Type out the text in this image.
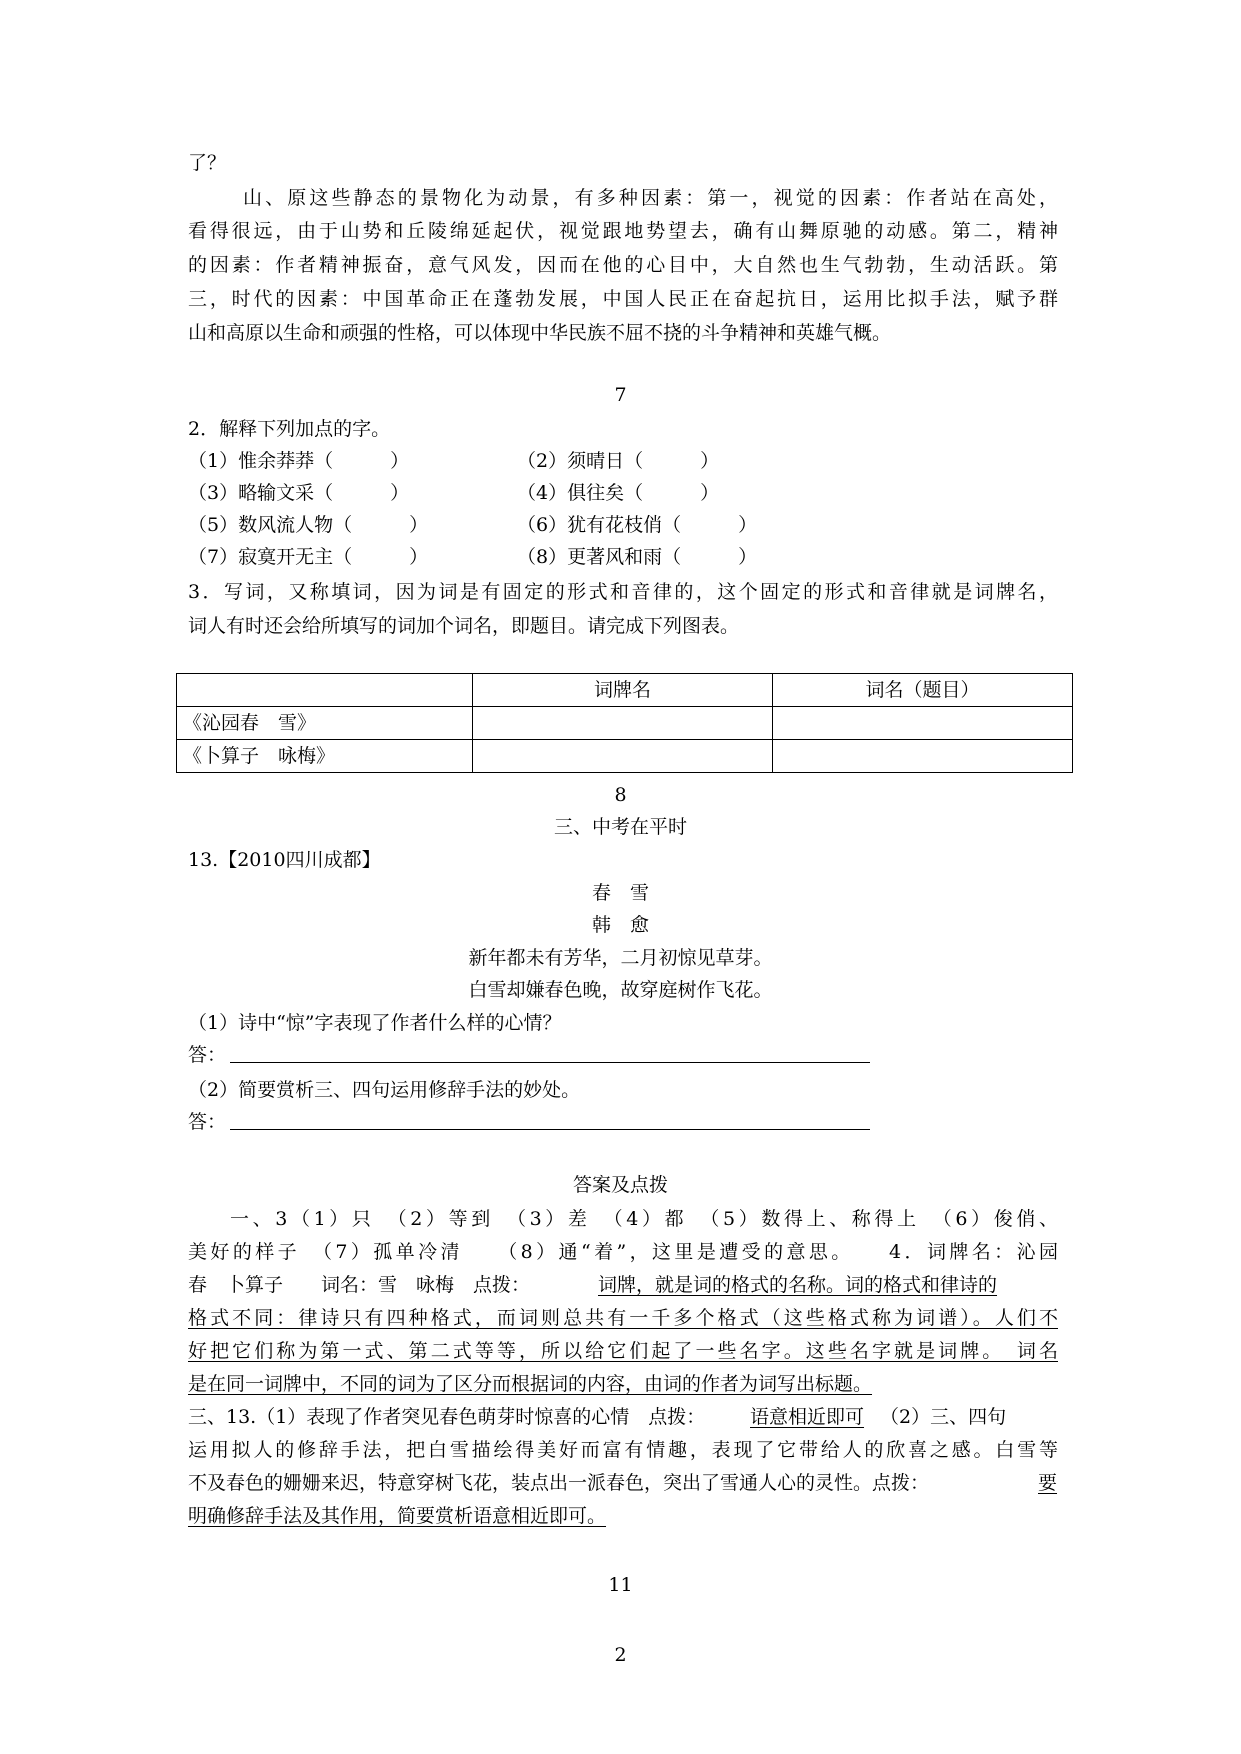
了？
山、原这些静态的景物化为动景，有多种因素：第一，视觉的因素：作者站在高处，
看得很远，由于山势和丘陵绵延起伏，视觉跟地势望去，确有山舞原驰的动感。第二，精神
的因素：作者精神振奋，意气风发，因而在他的心目中，大自然也生气勃勃，生动活跃。第
三，时代的因素：中国革命正在蓬勃发展，中国人民正在奋起抗日，运用比拟手法，赋予群
山和高原以生命和顽强的性格，可以体现中华民族不屈不挠的斗争精神和英雄气概。
7
2．解释下列加点的字。
（1）惟余莽莽（　　　）	（2）须晴日（　　　）
（3）略输文采（　　　）	（4）俱往矣（　　　）
（5）数风流人物（　　　）	（6）犹有花枝俏（　　　）
（7）寂寞开无主（　　　）	（8）更著风和雨（　　　）
3．写词，又称填词，因为词是有固定的形式和音律的，这个固定的形式和音律就是词牌名，
词人有时还会给所填写的词加个词名，即题目。请完成下列图表。
	词牌名	词名（题目）
《沁园春　雪》		
《卜算子　咏梅》		
8
三、中考在平时
13.【2010四川成都】
春　雪
韩　愈
新年都未有芳华，二月初惊见草芽。
白雪却嫌春色晚，故穿庭树作飞花。
（1）诗中“惊”字表现了作者什么样的心情？
答：
（2）简要赏析三、四句运用修辞手法的妙处。
答：
答案及点拨
一、3（1）只　（2）等到　（3）差　（4）都　（5）数得上、称得上　（6）俊俏、
美好的样子　（7）孤单冷清　　（8）通“着”，这里是遭受的意思。　　4．词牌名：沁园
春　卜算子　　词名：雪　咏梅　点拨：	词牌，就是词的格式的名称。词的格式和律诗的
格式不同：律诗只有四种格式，而词则总共有一千多个格式（这些格式称为词谱）。人们不
好把它们称为第一式、第二式等等，所以给它们起了一些名字。这些名字就是词牌。　词名
是在同一词牌中，不同的词为了区分而根据词的内容，由词的作者为词写出标题。
三、13.（1）表现了作者突见春色萌芽时惊喜的心情　点拨： 语意相近即可 （2）三、四句
运用拟人的修辞手法，把白雪描绘得美好而富有情趣，表现了它带给人的欣喜之感。白雪等
不及春色的姗姗来迟，特意穿树飞花，装点出一派春色，突出了雪通人心的灵性。点拨：	要
明确修辞手法及其作用，简要赏析语意相近即可。
11
2
